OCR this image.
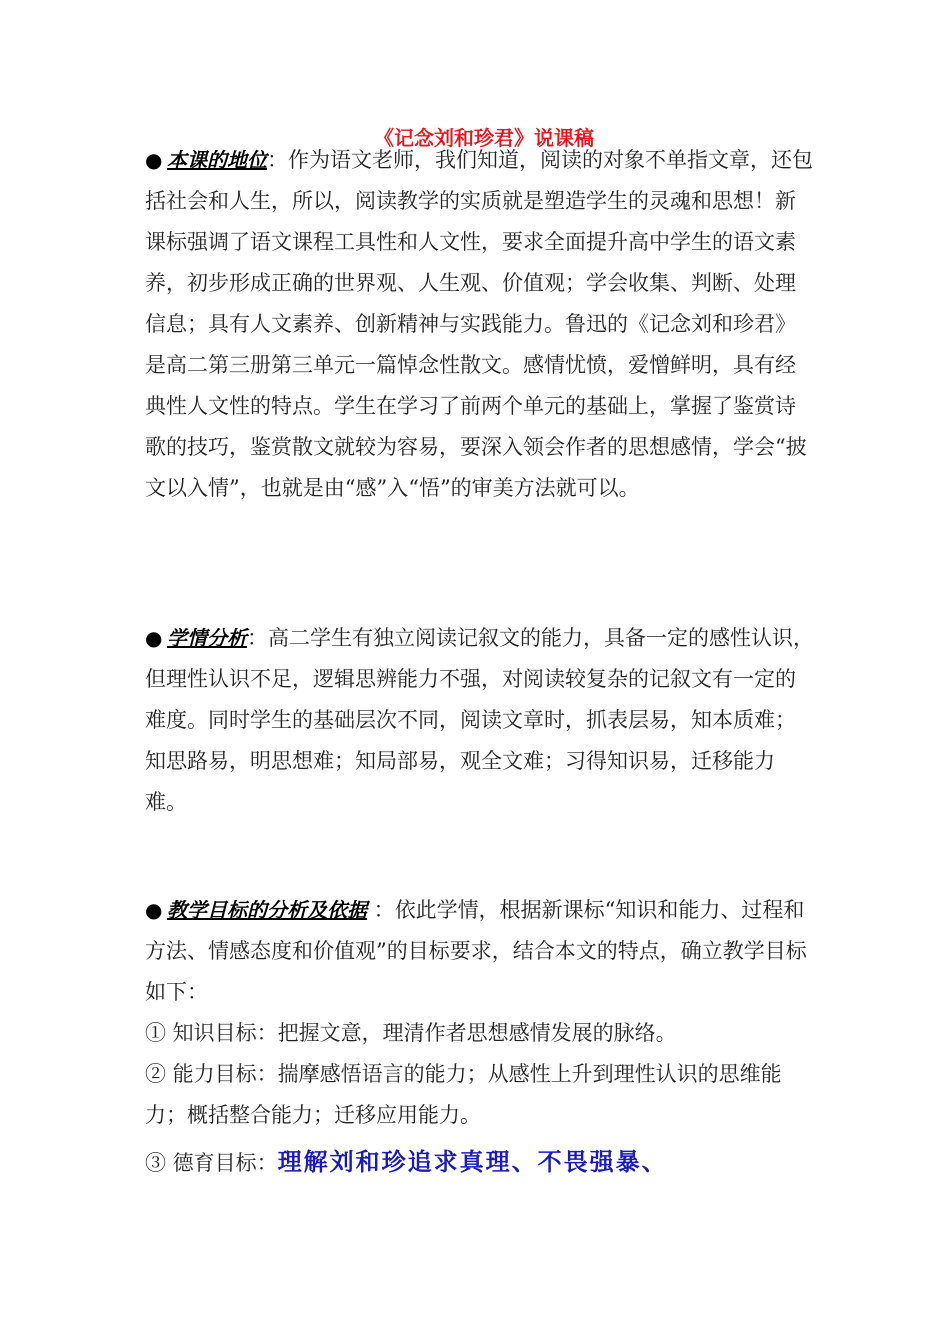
《记念刘和珍君》说课稿
● 本课的地位：作为语文老师，我们知道，阅读的对象不单指文章，还包括社会和人生，所以，阅读教学的实质就是塑造学生的灵魂和思想！新课标强调了语文课程工具性和人文性，要求全面提升高中学生的语文素养，初步形成正确的世界观、人生观、价值观；学会收集、判断、处理信息；具有人文素养、创新精神与实践能力。鲁迅的《记念刘和珍君》是高二第三册第三单元一篇悼念性散文。感情忧愤，爱憎鲜明，具有经典性人文性的特点。学生在学习了前两个单元的基础上，掌握了鉴赏诗歌的技巧，鉴赏散文就较为容易，要深入领会作者的思想感情，学会“披文以入情”，也就是由“感”入“悟”的审美方法就可以。
● 学情分析：高二学生有独立阅读记叙文的能力，具备一定的感性认识，但理性认识不足，逻辑思辨能力不强，对阅读较复杂的记叙文有一定的难度。同时学生的基础层次不同，阅读文章时，抓表层易，知本质难；知思路易，明思想难；知局部易，观全文难；习得知识易，迁移能力难。
● 教学目标的分析及依据 ：依此学情，根据新课标“知识和能力、过程和方法、情感态度和价值观”的目标要求，结合本文的特点，确立教学目标如下：
① 知识目标：把握文意，理清作者思想感情发展的脉络。
② 能力目标：揣摩感悟语言的能力；从感性上升到理性认识的思维能力；概括整合能力；迁移应用能力。
③ 德育目标：理解刘和珍追求真理、不畏强暴、
